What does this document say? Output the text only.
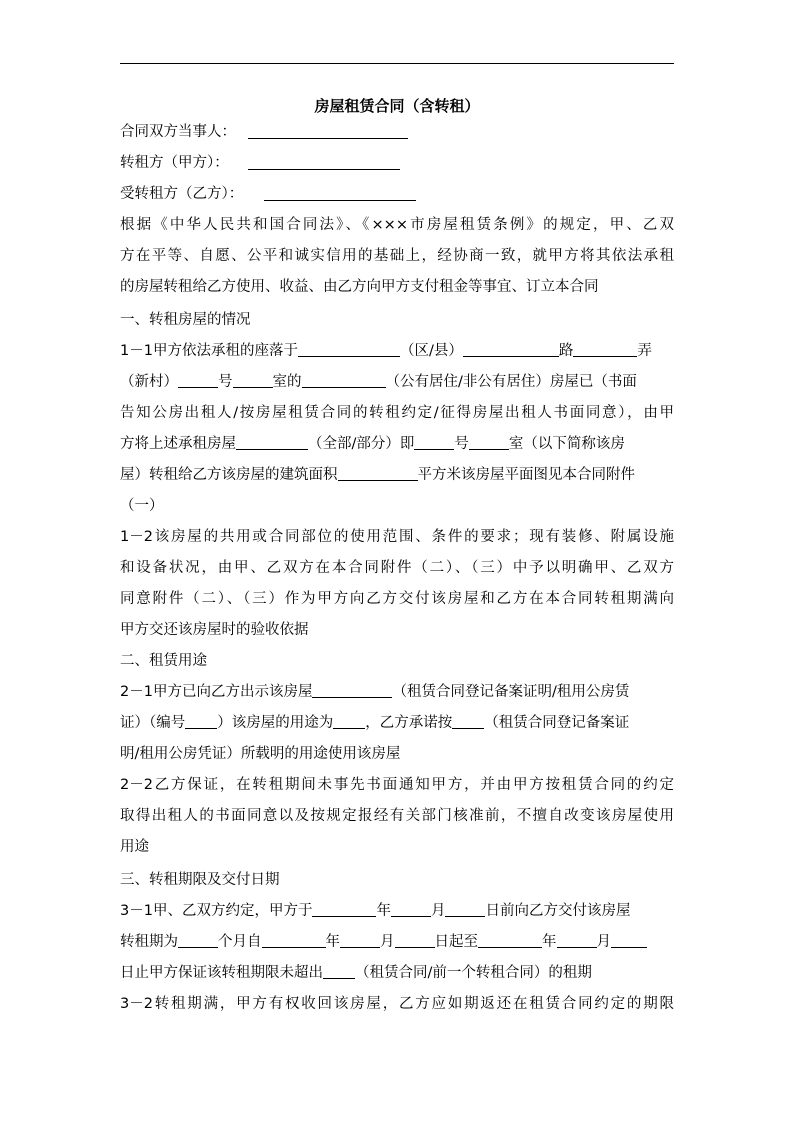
房屋租赁合同（含转租）
合同双方当事人：
转租方（甲方）：
受转租方（乙方）：
根据《中华人民共和国合同法》、《×××市房屋租赁条例》的规定，甲、乙双
方在平等、自愿、公平和诚实信用的基础上，经协商一致，就甲方将其依法承租
的房屋转租给乙方使用、收益、由乙方向甲方支付租金等事宜、订立本合同
一、转租房屋的情况
1－1甲方依法承租的座落于	（区/县）	路	弄
（新村）	号	室的	（公有居住/非公有居住）房屋已（书面
告知公房出租人/按房屋租赁合同的转租约定/征得房屋出租人书面同意），由甲
方将上述承租房屋	（全部/部分）即	号	室（以下简称该房
屋）转租给乙方该房屋的建筑面积	平方米该房屋平面图见本合同附件
（一）
1－2该房屋的共用或合同部位的使用范围、条件的要求；现有装修、附属设施
和设备状况，由甲、乙双方在本合同附件（二）、（三）中予以明确甲、乙双方
同意附件（二）、（三）作为甲方向乙方交付该房屋和乙方在本合同转租期满向
甲方交还该房屋时的验收依据
二、租赁用途
2－1甲方已向乙方出示该房屋	（租赁合同登记备案证明/租用公房赁
证）（编号 ）该房屋的用途为 ，乙方承诺按 （租赁合同登记备案证
明/租用公房凭证）所载明的用途使用该房屋
2－2乙方保证，在转租期间未事先书面通知甲方，并由甲方按租赁合同的约定
取得出租人的书面同意以及按规定报经有关部门核准前，不擅自改变该房屋使用
用途
三、转租期限及交付日期
3－1甲、乙双方约定，甲方于	年	月	日前向乙方交付该房屋
转租期为	个月自	年	月	日起至	年	月
日止甲方保证该转租期限未超出 （租赁合同/前一个转租合同）的租期
3－2转租期满，甲方有权收回该房屋，乙方应如期返还在租赁合同约定的期限
